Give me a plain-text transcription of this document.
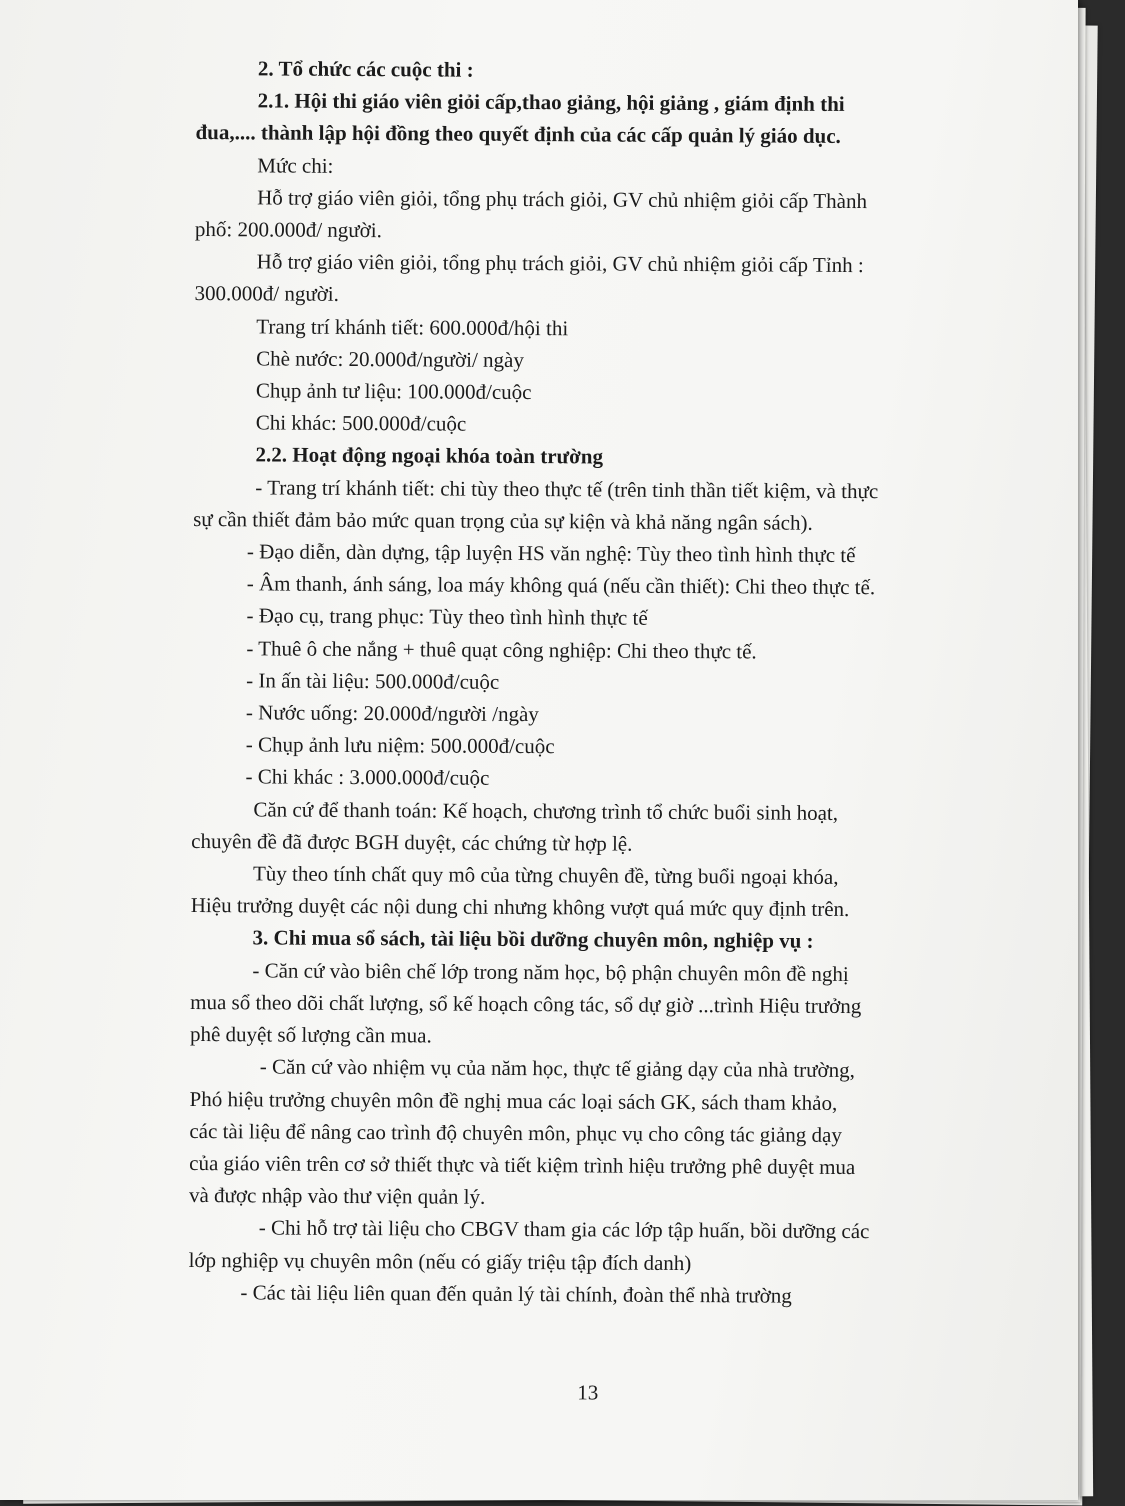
2. Tổ chức các cuộc thi :
2.1. Hội thi giáo viên giỏi cấp,thao giảng, hội giảng , giám định thi
đua,.... thành lập hội đồng theo quyết định của các cấp quản lý giáo dục.
Mức chi:
Hỗ trợ giáo viên giỏi, tổng phụ trách giỏi, GV chủ nhiệm giỏi cấp Thành
phố: 200.000đ/ người.
Hỗ trợ giáo viên giỏi, tổng phụ trách giỏi, GV chủ nhiệm giỏi cấp Tỉnh :
300.000đ/ người.
Trang trí khánh tiết: 600.000đ/hội thi
Chè nước: 20.000đ/người/ ngày
Chụp ảnh tư liệu: 100.000đ/cuộc
Chi khác: 500.000đ/cuộc
2.2. Hoạt động ngoại khóa toàn trường
- Trang trí khánh tiết: chi tùy theo thực tế (trên tinh thần tiết kiệm, và thực
sự cần thiết đảm bảo mức quan trọng của sự kiện và khả năng ngân sách).
- Đạo diễn, dàn dựng, tập luyện HS văn nghệ: Tùy theo tình hình thực tế
- Âm thanh, ánh sáng, loa máy không quá (nếu cần thiết): Chi theo thực tế.
- Đạo cụ, trang phục: Tùy theo tình hình thực tế
- Thuê ô che nắng + thuê quạt công nghiệp: Chi theo thực tế.
- In ấn tài liệu: 500.000đ/cuộc
- Nước uống: 20.000đ/người /ngày
- Chụp ảnh lưu niệm: 500.000đ/cuộc
- Chi khác : 3.000.000đ/cuộc
Căn cứ để thanh toán: Kế hoạch, chương trình tổ chức buổi sinh hoạt,
chuyên đề đã được BGH duyệt, các chứng từ hợp lệ.
Tùy theo tính chất quy mô của từng chuyên đề, từng buổi ngoại khóa,
Hiệu trưởng duyệt các nội dung chi nhưng không vượt quá mức quy định trên.
3. Chi mua sổ sách, tài liệu bồi dưỡng chuyên môn, nghiệp vụ :
- Căn cứ vào biên chế lớp trong năm học, bộ phận chuyên môn đề nghị
mua sổ theo dõi chất lượng, sổ kế hoạch công tác, sổ dự giờ ...trình Hiệu trưởng
phê duyệt số lượng cần mua.
- Căn cứ vào nhiệm vụ của năm học, thực tế giảng dạy của nhà trường,
Phó hiệu trưởng chuyên môn đề nghị mua các loại sách GK, sách tham khảo,
các tài liệu để nâng cao trình độ chuyên môn, phục vụ cho công tác giảng dạy
của giáo viên trên cơ sở thiết thực và tiết kiệm trình hiệu trưởng phê duyệt mua
và được nhập vào thư viện quản lý.
- Chi hỗ trợ tài liệu cho CBGV tham gia các lớp tập huấn, bồi dưỡng các
lớp nghiệp vụ chuyên môn (nếu có giấy triệu tập đích danh)
- Các tài liệu liên quan đến quản lý tài chính, đoàn thể nhà trường
13
